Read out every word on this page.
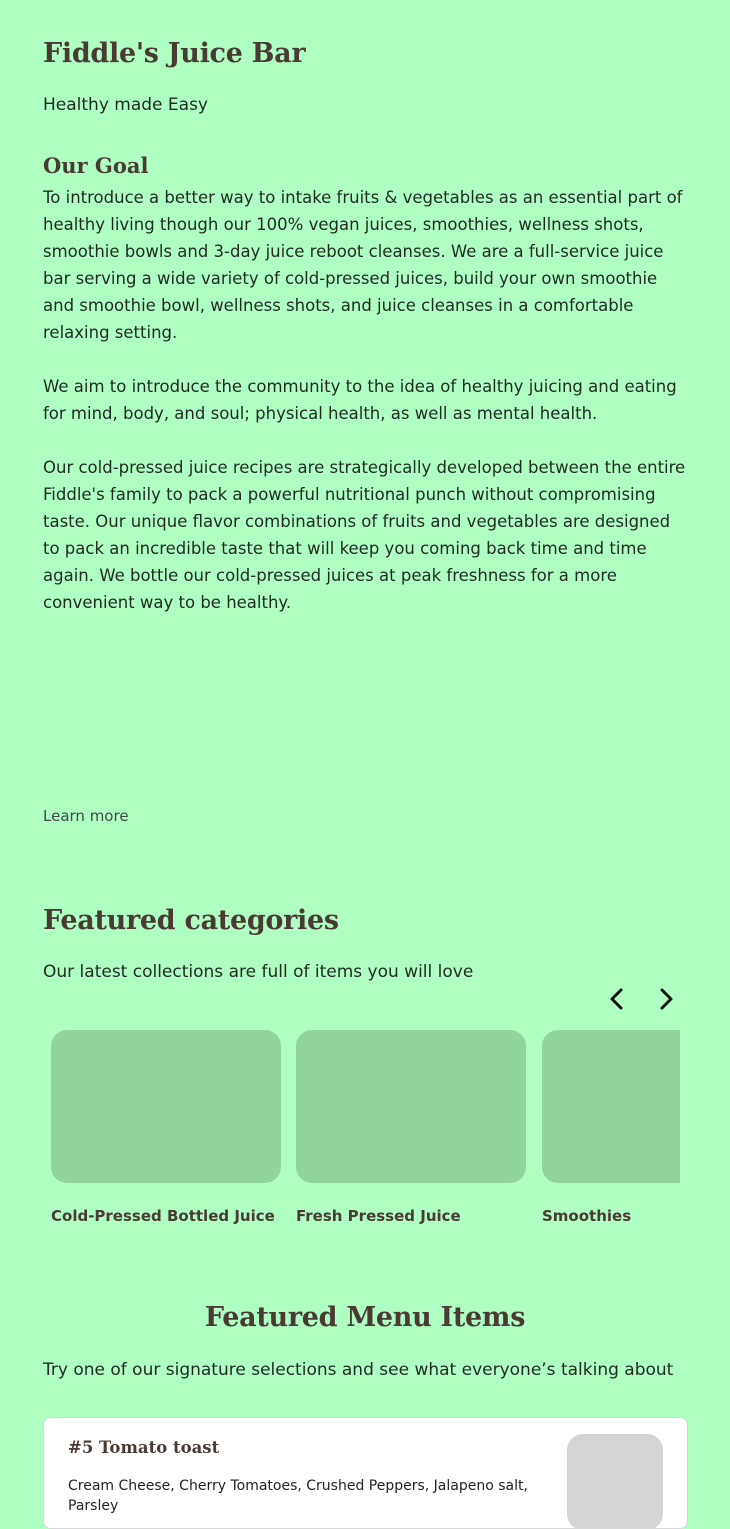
Fiddle's Juice Bar

Healthy made Easy

Our Goal

To introduce a better way to intake fruits & vegetables as an essential part of healthy living though our 100% vegan juices, smoothies, wellness shots, smoothie bowls and 3-day juice reboot cleanses. We are a full-service juice bar serving a wide variety of cold-pressed juices, build your own smoothie and smoothie bowl, wellness shots, and juice cleanses in a comfortable relaxing setting.

We aim to introduce the community to the idea of healthy juicing and eating for mind, body, and soul; physical health, as well as mental health.

Our cold-pressed juice recipes are strategically developed between the entire Fiddle's family to pack a powerful nutritional punch without compromising taste. Our unique flavor combinations of fruits and vegetables are designed to pack an incredible taste that will keep you coming back time and time again. We bottle our cold-pressed juices at peak freshness for a more convenient way to be healthy.

Learn more
Featured categories

Our latest collections are full of items you will love

Cold-Pressed Bottled Juice	Fresh Pressed Juice	Smoothies
Featured Menu Items

Try one of our signature selections and see what everyone’s talking about

#5 Tomato toast
Cream Cheese, Cherry Tomatoes, Crushed Peppers, Jalapeno salt, Parsley
